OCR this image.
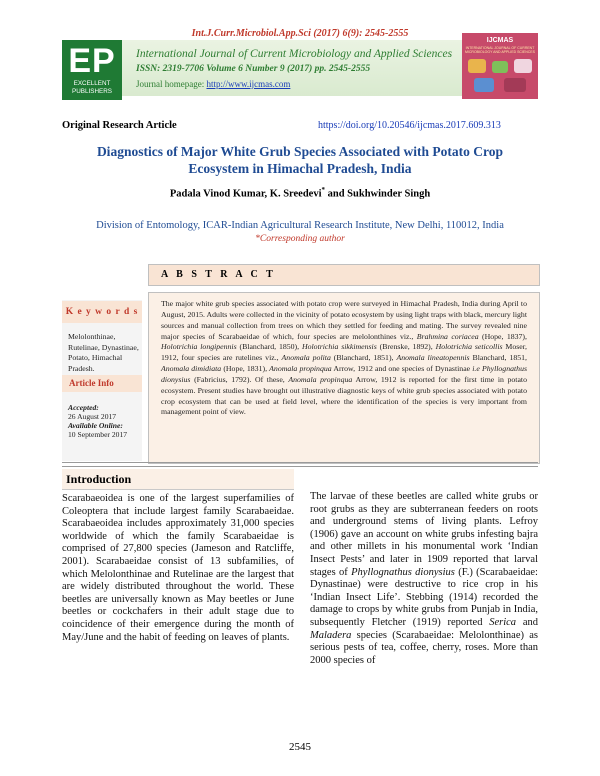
Int.J.Curr.Microbiol.App.Sci (2017) 6(9): 2545-2555
EP
EXCELLENT
PUBLISHERS
IJCMAS
INTERNATIONAL JOURNAL OF CURRENT MICROBIOLOGY AND APPLIED SCIENCES
International Journal of Current Microbiology and Applied Sciences
ISSN: 2319-7706 Volume 6 Number 9 (2017) pp. 2545-2555
Journal homepage: http://www.ijcmas.com
Original Research Article	https://doi.org/10.20546/ijcmas.2017.609.313
Diagnostics of Major White Grub Species Associated with Potato Crop
Ecosystem in Himachal Pradesh, India
Padala Vinod Kumar, K. Sreedevi* and Sukhwinder Singh
Division of Entomology, ICAR-Indian Agricultural Research Institute, New Delhi, 110012, India
*Corresponding author
A B S T R A C T
The major white grub species associated with potato crop were surveyed in Himachal Pradesh, India during April to August, 2015. Adults were collected in the vicinity of potato ecosystem by using light traps with black, mercury light sources and manual collection from trees on which they settled for feeding and mating. The survey revealed nine major species of Scarabaeidae of which, four species are melolonthines viz., Brahmina coriacea (Hope, 1837), Holotrichia longipennis (Blanchard, 1850), Holotrichia sikkimensis (Brenske, 1892), Holotrichia seticollis Moser, 1912, four species are rutelines viz., Anomala polita (Blanchard, 1851), Anomala lineatopennis Blanchard, 1851, Anomala dimidiata (Hope, 1831), Anomala propinqua Arrow, 1912 and one species of Dynastinae i.e Phyllognathus dionysius (Fabricius, 1792). Of these, Anomala propinqua Arrow, 1912 is reported for the first time in potato ecosystem. Present studies have brought out illustrative diagnostic keys of white grub species associated with potato crop ecosystem that can be used at field level, where the identification of the species is very important from management point of view.
K e y w o r d s
Melolonthinae, Rutelinae, Dynastinae, Potato, Himachal Pradesh.
Article Info
Accepted:
26 August 2017
Available Online:
10 September 2017
Introduction
Scarabaeoidea is one of the largest superfamilies of Coleoptera that include largest family Scarabaeidae. Scarabaeoidea includes approximately 31,000 species worldwide of which the family Scarabaeidae is comprised of 27,800 species (Jameson and Ratcliffe, 2001). Scarabaeidae consist of 13 subfamilies, of which Melolonthinae and Rutelinae are the largest that are widely distributed throughout the world. These beetles are universally known as May beetles or June beetles or cockchafers in their adult stage due to coincidence of their emergence during the month of May/June and the habit of feeding on leaves of plants.
The larvae of these beetles are called white grubs or root grubs as they are subterranean feeders on roots and underground stems of living plants. Lefroy (1906) gave an account on white grubs infesting bajra and other millets in his monumental work ‘Indian Insect Pests’ and later in 1909 reported that larval stages of Phyllognathus dionysius (F.) (Scarabaeidae: Dynastinae) were destructive to rice crop in his ‘Indian Insect Life’. Stebbing (1914) recorded the damage to crops by white grubs from Punjab in India, subsequently Fletcher (1919) reported Serica and Maladera species (Scarabaeidae: Melolonthinae) as serious pests of tea, coffee, cherry, roses. More than 2000 species of
2545
